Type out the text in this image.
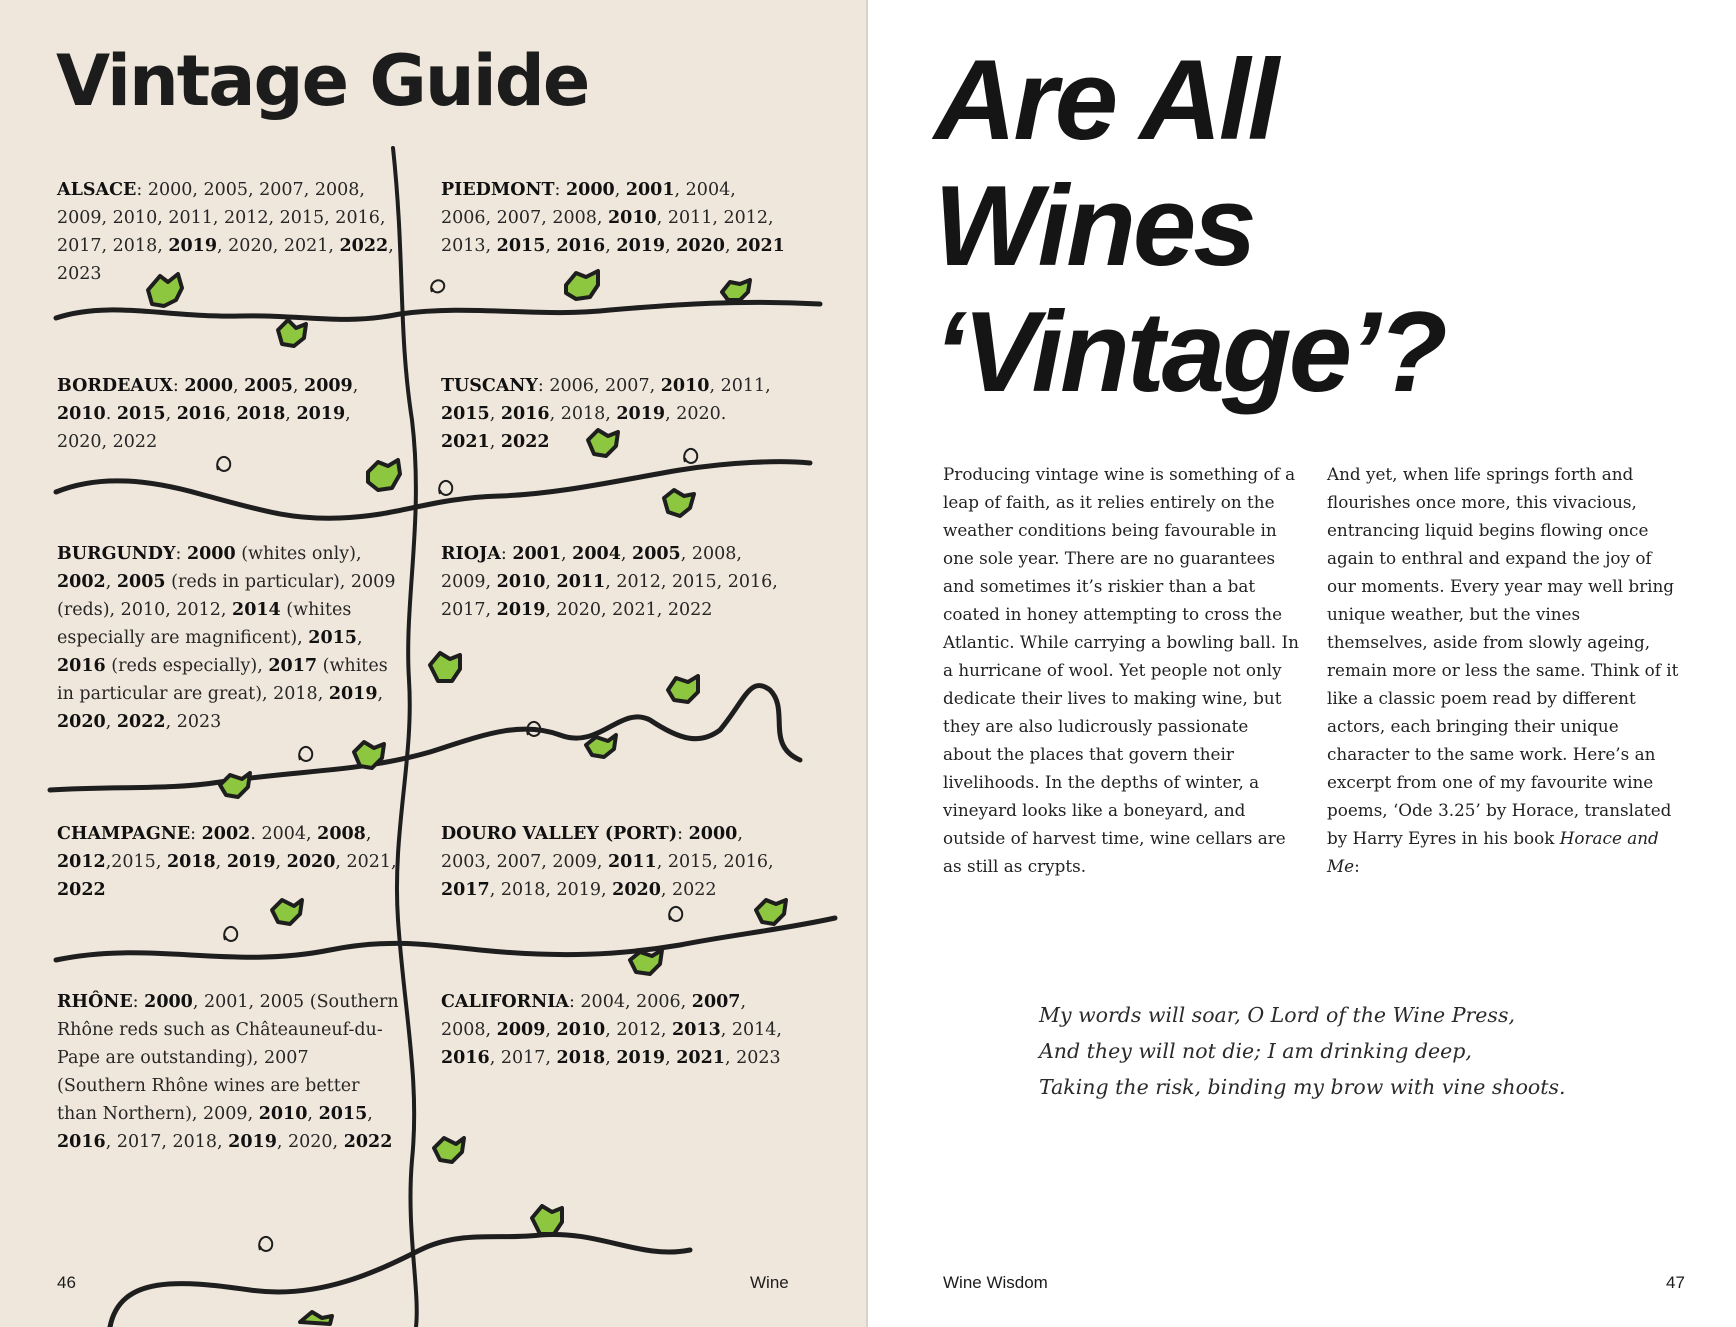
Vintage Guide

ALSACE: 2000, 2005, 2007, 2008, 2009, 2010, 2011, 2012, 2015, 2016, 2017, 2018, 2019, 2020, 2021, 2022, 2023

PIEDMONT: 2000, 2001, 2004, 2006, 2007, 2008, 2010, 2011, 2012, 2013, 2015, 2016, 2019, 2020, 2021

BORDEAUX: 2000, 2005, 2009, 2010. 2015, 2016, 2018, 2019, 2020, 2022

TUSCANY: 2006, 2007, 2010, 2011, 2015, 2016, 2018, 2019, 2020. 2021, 2022

BURGUNDY: 2000 (whites only), 2002, 2005 (reds in particular), 2009 (reds), 2010, 2012, 2014 (whites especially are magnificent), 2015, 2016 (reds especially), 2017 (whites in particular are great), 2018, 2019, 2020, 2022, 2023

RIOJA: 2001, 2004, 2005, 2008, 2009, 2010, 2011, 2012, 2015, 2016, 2017, 2019, 2020, 2021, 2022

CHAMPAGNE: 2002. 2004, 2008, 2012,2015, 2018, 2019, 2020, 2021, 2022

DOURO VALLEY (PORT): 2000, 2003, 2007, 2009, 2011, 2015, 2016, 2017, 2018, 2019, 2020, 2022

RHÔNE: 2000, 2001, 2005 (Southern Rhône reds such as Châteauneuf-du-Pape are outstanding), 2007 (Southern Rhône wines are better than Northern), 2009, 2010, 2015, 2016, 2017, 2018, 2019, 2020, 2022

CALIFORNIA: 2004, 2006, 2007, 2008, 2009, 2010, 2012, 2013, 2014, 2016, 2017, 2018, 2019, 2021, 2023

46	Wine
Are All
Wines
‘Vintage’?

Producing vintage wine is something of a leap of faith, as it relies entirely on the weather conditions being favourable in one sole year. There are no guarantees and sometimes it’s riskier than a bat coated in honey attempting to cross the Atlantic. While carrying a bowling ball. In a hurricane of wool. Yet people not only dedicate their lives to making wine, but they are also ludicrously passionate about the places that govern their livelihoods. In the depths of winter, a vineyard looks like a boneyard, and outside of harvest time, wine cellars are as still as crypts.

And yet, when life springs forth and flourishes once more, this vivacious, entrancing liquid begins flowing once again to enthral and expand the joy of our moments. Every year may well bring unique weather, but the vines themselves, aside from slowly ageing, remain more or less the same. Think of it like a classic poem read by different actors, each bringing their unique character to the same work. Here’s an excerpt from one of my favourite wine poems, ‘Ode 3.25’ by Horace, translated by Harry Eyres in his book Horace and Me:

My words will soar, O Lord of the Wine Press,
And they will not die; I am drinking deep,
Taking the risk, binding my brow with vine shoots.
Wine Wisdom	47
